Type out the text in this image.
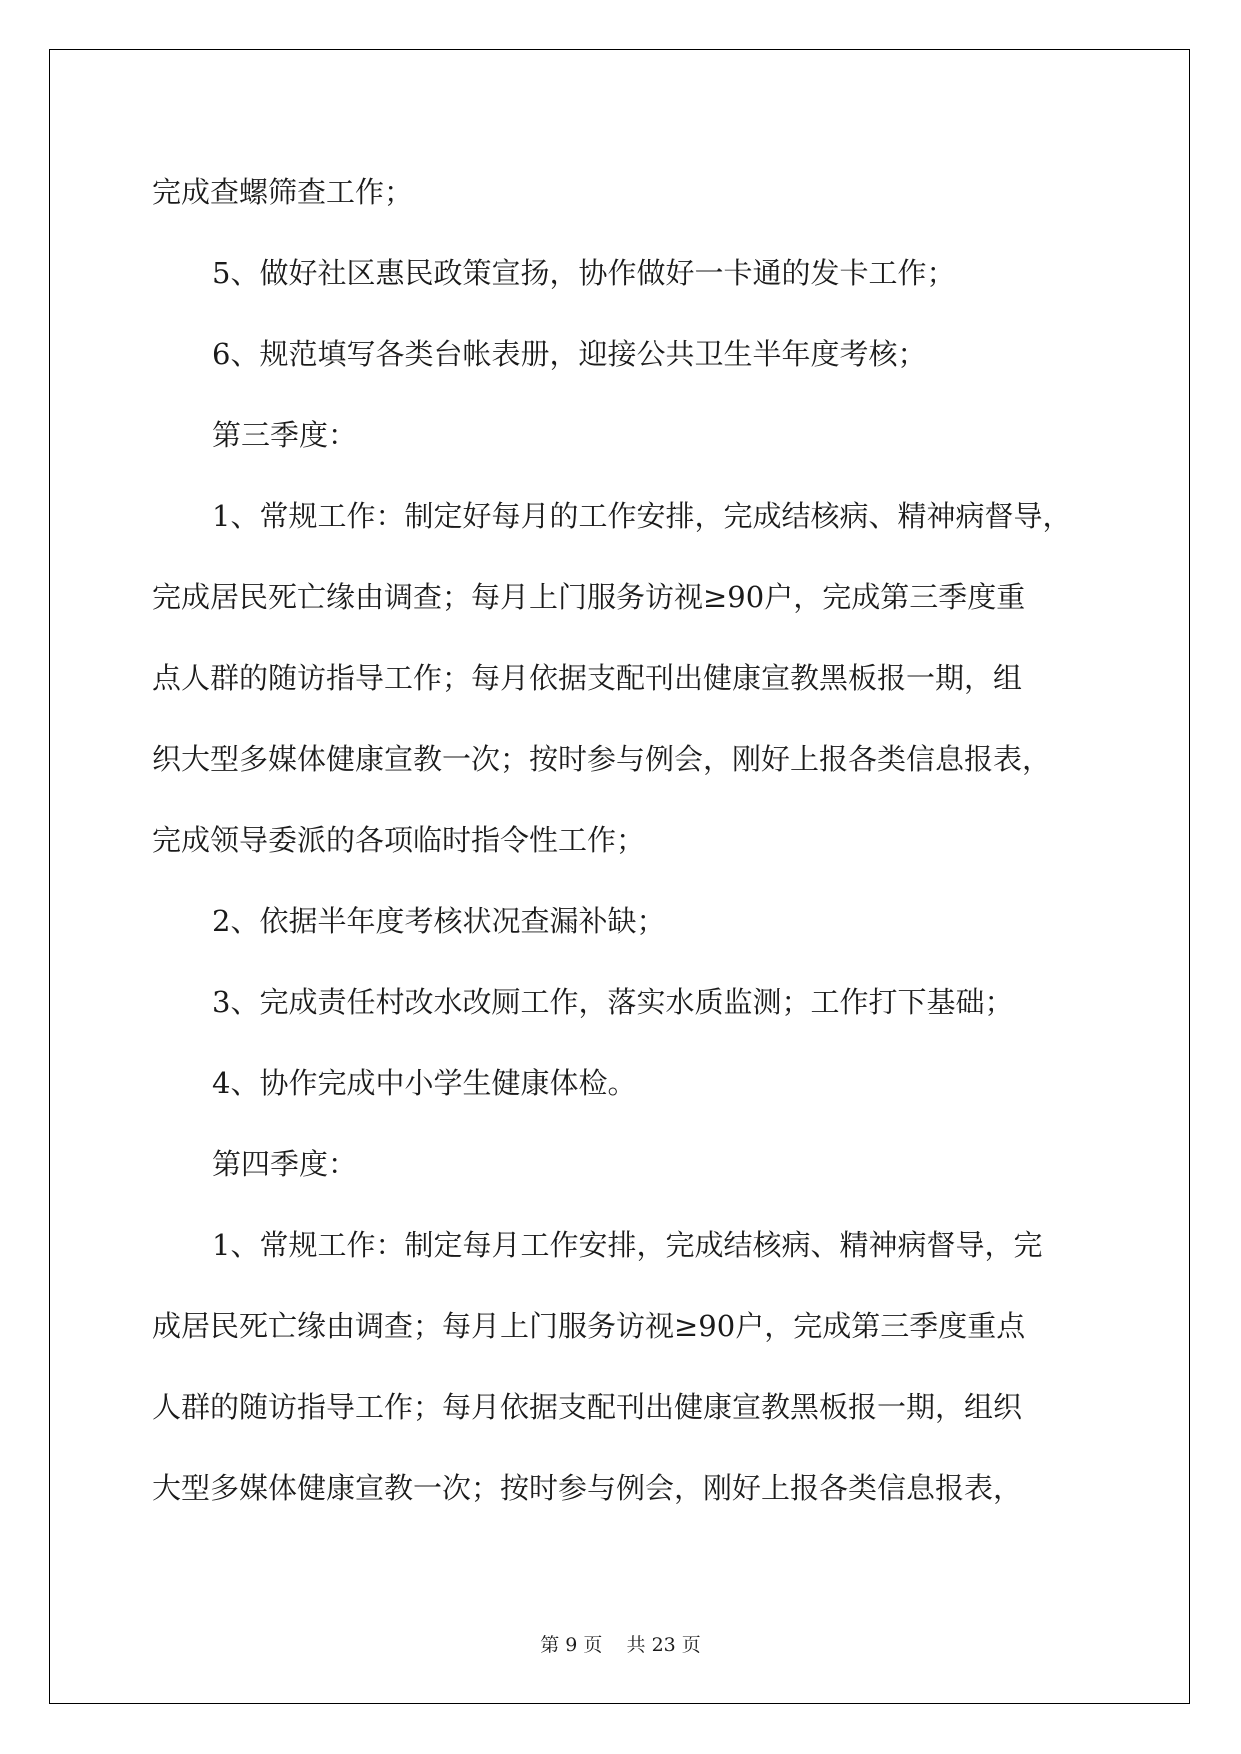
完成查螺筛查工作；
5、做好社区惠民政策宣扬，协作做好一卡通的发卡工作；
6、规范填写各类台帐表册，迎接公共卫生半年度考核；
第三季度：
1、常规工作：制定好每月的工作安排，完成结核病、精神病督导，
完成居民死亡缘由调查；每月上门服务访视≥90户，完成第三季度重
点人群的随访指导工作；每月依据支配刊出健康宣教黑板报一期，组
织大型多媒体健康宣教一次；按时参与例会，刚好上报各类信息报表，
完成领导委派的各项临时指令性工作；
2、依据半年度考核状况查漏补缺；
3、完成责任村改水改厕工作，落实水质监测；工作打下基础；
4、协作完成中小学生健康体检。
第四季度：
1、常规工作：制定每月工作安排，完成结核病、精神病督导，完
成居民死亡缘由调查；每月上门服务访视≥90户，完成第三季度重点
人群的随访指导工作；每月依据支配刊出健康宣教黑板报一期，组织
大型多媒体健康宣教一次；按时参与例会，刚好上报各类信息报表，
第 9 页    共 23 页
